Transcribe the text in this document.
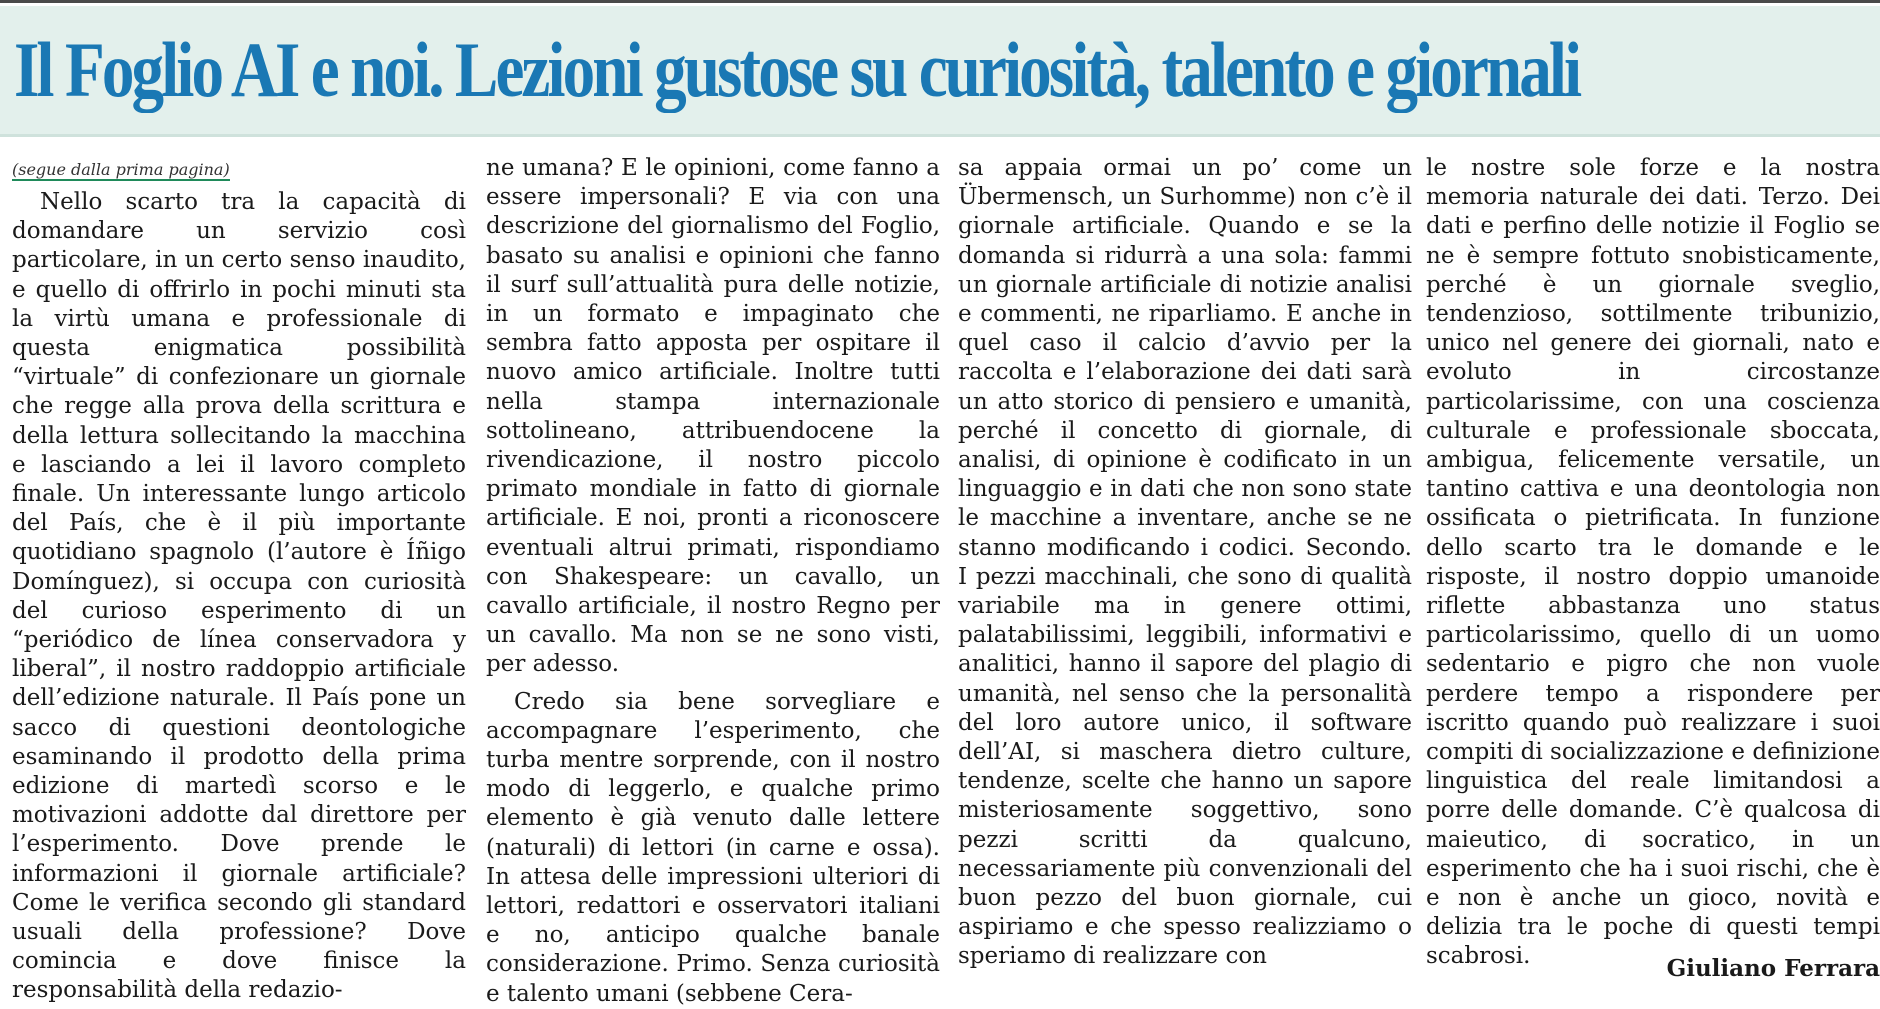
Il Foglio AI e noi. Lezioni gustose su curiosità, talento e giornali
(segue dalla prima pagina)

Nello scarto tra la capacità di domandare un servizio così particolare, in un certo senso inaudito, e quello di offrirlo in pochi minuti sta la virtù umana e professionale di questa enigmatica possibilità “virtuale” di confezionare un giornale che regge alla prova della scrittura e della lettura sollecitando la macchina e lasciando a lei il lavoro completo finale. Un interessante lungo articolo del País, che è il più importante quotidiano spagnolo (l’autore è Íñigo Domínguez), si occupa con curiosità del curioso esperimento di un “periódico de línea conservadora y liberal”, il nostro raddoppio artificiale dell’edizione naturale. Il País pone un sacco di questioni deontologiche esaminando il prodotto della prima edizione di martedì scorso e le motivazioni addotte dal direttore per l’esperimento. Dove prende le informazioni il giornale artificiale? Come le verifica secondo gli standard usuali della professione? Dove comincia e dove finisce la responsabilità della redazio-

ne umana? E le opinioni, come fanno a essere impersonali? E via con una descrizione del giornalismo del Foglio, basato su analisi e opinioni che fanno il surf sull’attualità pura delle notizie, in un formato e impaginato che sembra fatto apposta per ospitare il nuovo amico artificiale. Inoltre tutti nella stampa internazionale sottolineano, attribuendocene la rivendicazione, il nostro piccolo primato mondiale in fatto di giornale artificiale. E noi, pronti a riconoscere eventuali altrui primati, rispondiamo con Shakespeare: un cavallo, un cavallo artificiale, il nostro Regno per un cavallo. Ma non se ne sono visti, per adesso.

Credo sia bene sorvegliare e accompagnare l’esperimento, che turba mentre sorprende, con il nostro modo di leggerlo, e qualche primo elemento è già venuto dalle lettere (naturali) di lettori (in carne e ossa). In attesa delle impressioni ulteriori di lettori, redattori e osservatori italiani e no, anticipo qualche banale considerazione. Primo. Senza curiosità e talento umani (sebbene Cera-

sa appaia ormai un po’ come un Übermensch, un Surhomme) non c’è il giornale artificiale. Quando e se la domanda si ridurrà a una sola: fammi un giornale artificiale di notizie analisi e commenti, ne riparliamo. E anche in quel caso il calcio d’avvio per la raccolta e l’elaborazione dei dati sarà un atto storico di pensiero e umanità, perché il concetto di giornale, di analisi, di opinione è codificato in un linguaggio e in dati che non sono state le macchine a inventare, anche se ne stanno modificando i codici. Secondo. I pezzi macchinali, che sono di qualità variabile ma in genere ottimi, palatabilissimi, leggibili, informativi e analitici, hanno il sapore del plagio di umanità, nel senso che la personalità del loro autore unico, il software dell’AI, si maschera dietro culture, tendenze, scelte che hanno un sapore misteriosamente soggettivo, sono pezzi scritti da qualcuno, necessariamente più convenzionali del buon pezzo del buon giornale, cui aspiriamo e che spesso realizziamo o speriamo di realizzare con

le nostre sole forze e la nostra memoria naturale dei dati. Terzo. Dei dati e perfino delle notizie il Foglio se ne è sempre fottuto snobisticamente, perché è un giornale sveglio, tendenzioso, sottilmente tribunizio, unico nel genere dei giornali, nato e evoluto in circostanze particolarissime, con una coscienza culturale e professionale sboccata, ambigua, felicemente versatile, un tantino cattiva e una deontologia non ossificata o pietrificata. In funzione dello scarto tra le domande e le risposte, il nostro doppio umanoide riflette abbastanza uno status particolarissimo, quello di un uomo sedentario e pigro che non vuole perdere tempo a rispondere per iscritto quando può realizzare i suoi compiti di socializzazione e definizione linguistica del reale limitandosi a porre delle domande. C’è qualcosa di maieutico, di socratico, in un esperimento che ha i suoi rischi, che è e non è anche un gioco, novità e delizia tra le poche di questi tempi scabrosi.	Giuliano Ferrara
